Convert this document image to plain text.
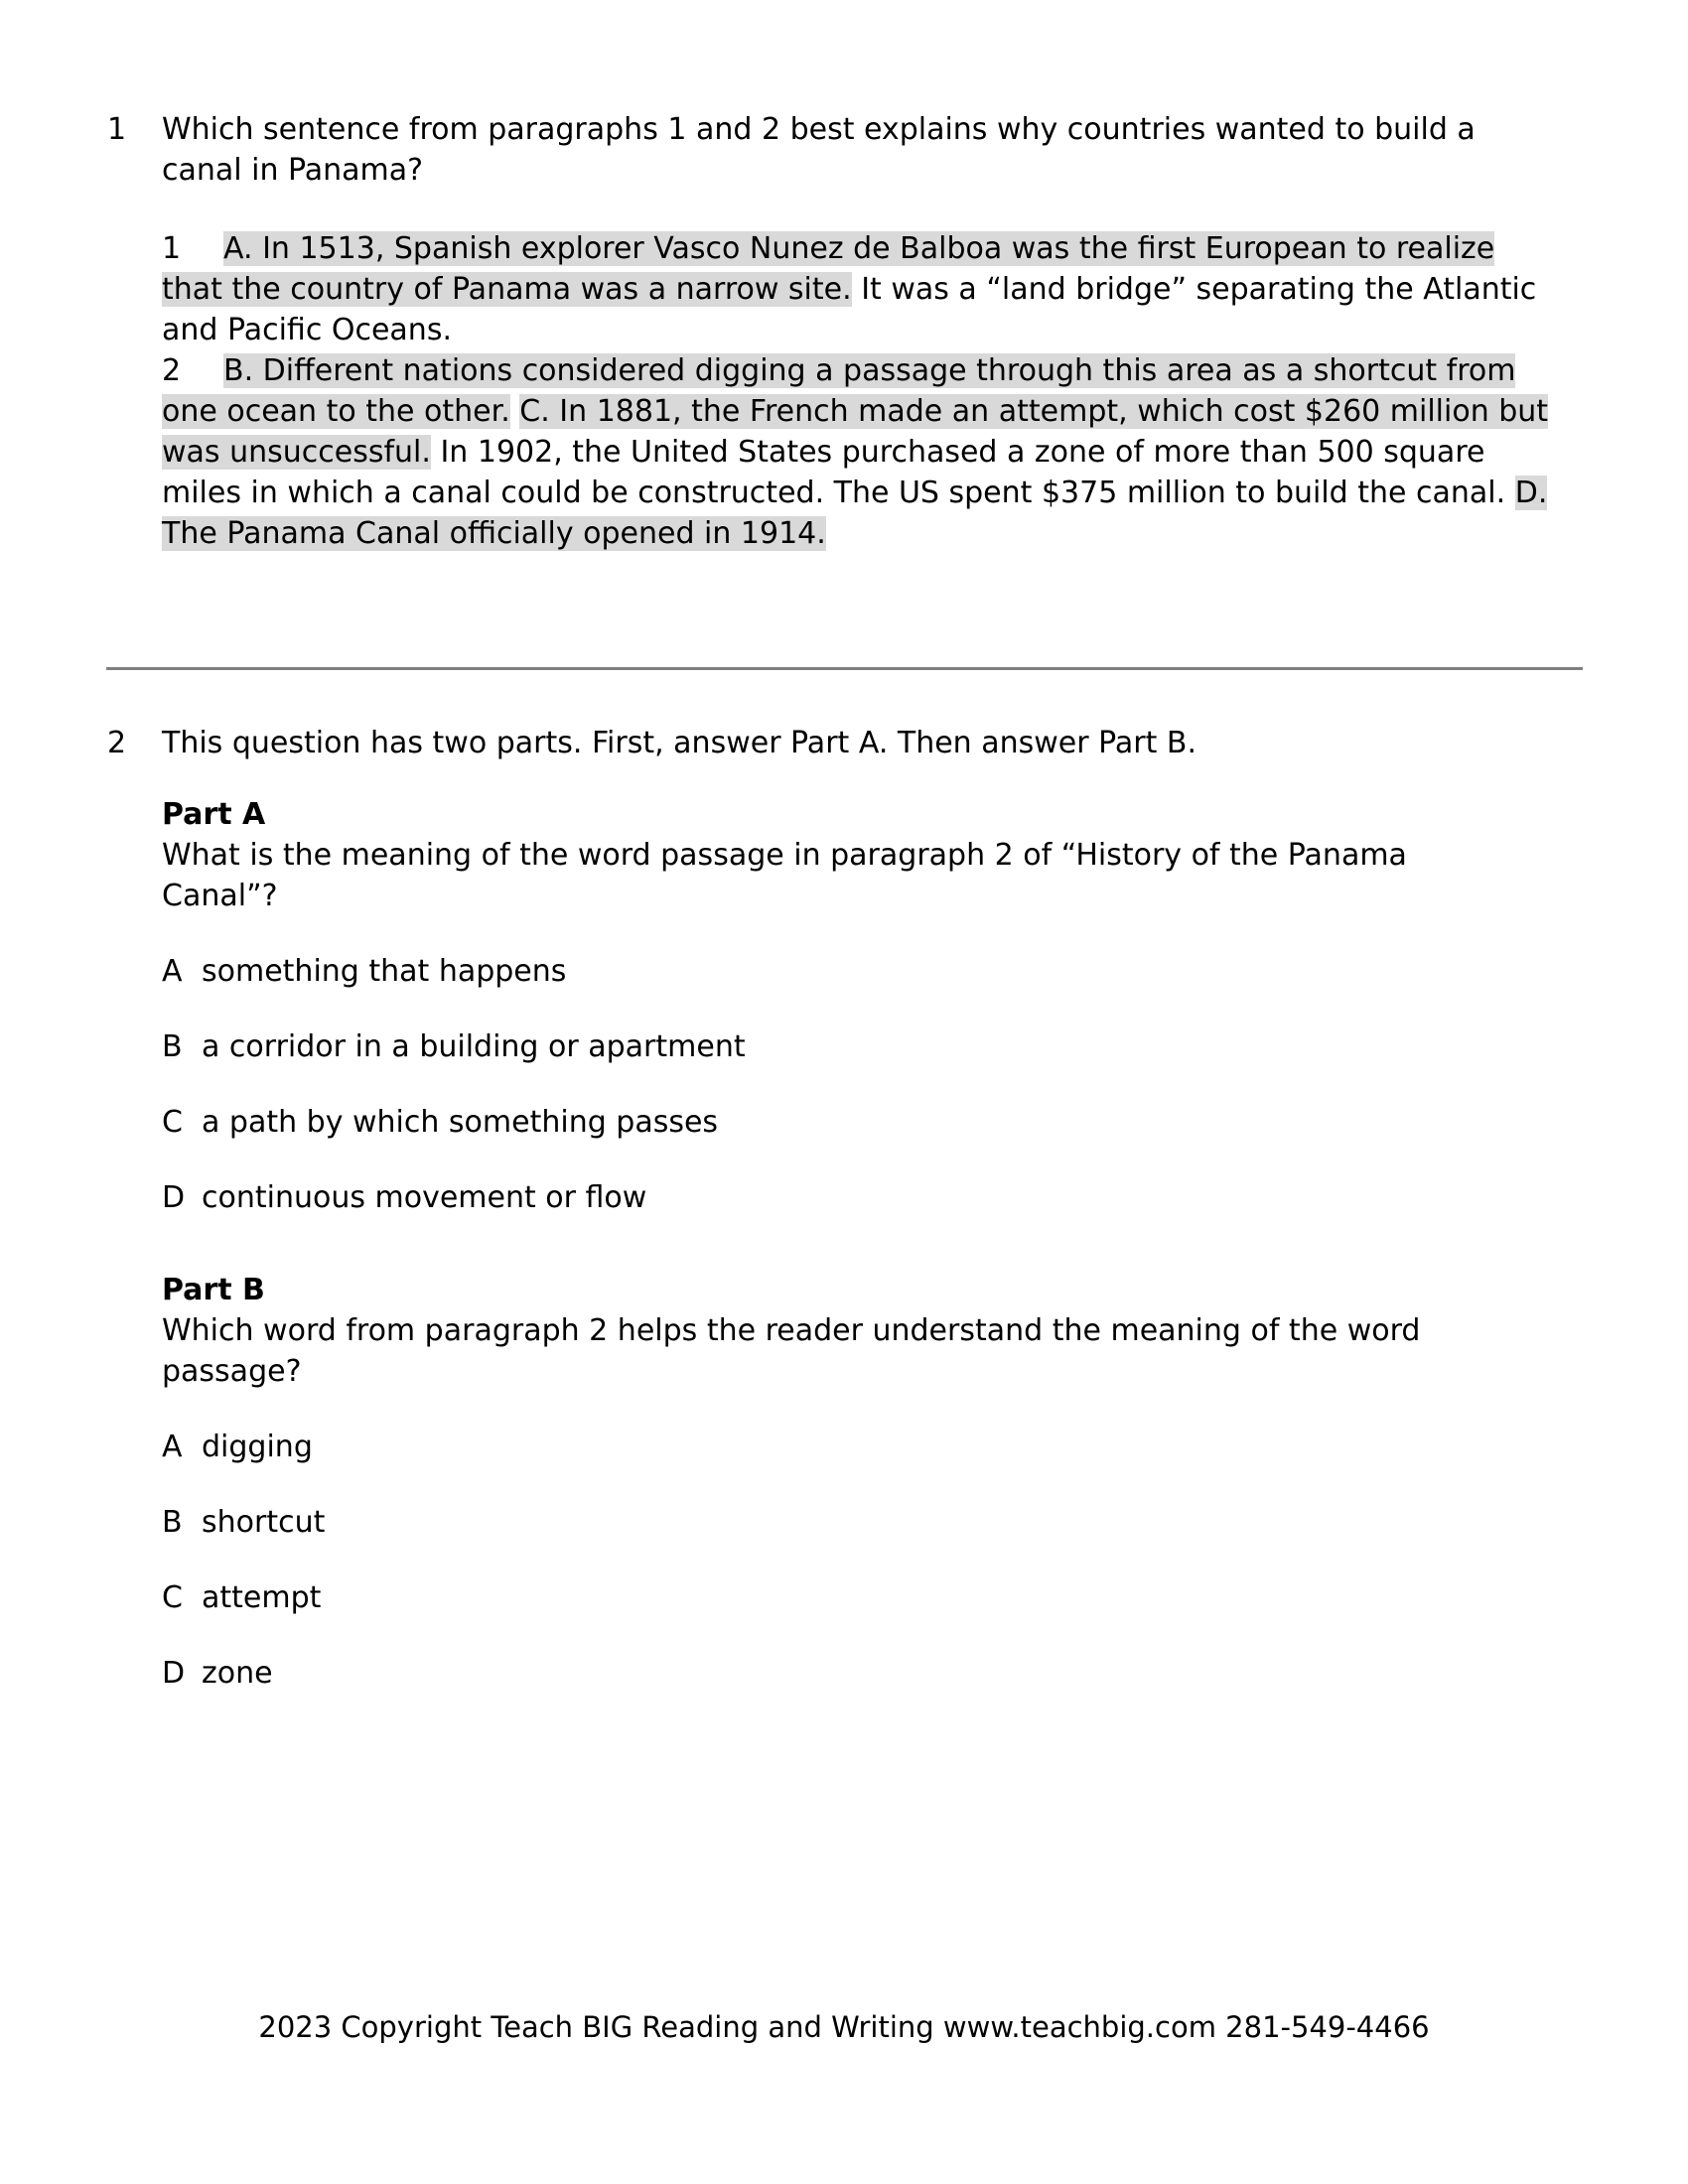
1	Which sentence from paragraphs 1 and 2 best explains why countries wanted to build a canal in Panama?

1 A. In 1513, Spanish explorer Vasco Nunez de Balboa was the first European to realize that the country of Panama was a narrow site. It was a “land bridge” separating the Atlantic and Pacific Oceans.

2 B. Different nations considered digging a passage through this area as a shortcut from one ocean to the other. C. In 1881, the French made an attempt, which cost $260 million but was unsuccessful. In 1902, the United States purchased a zone of more than 500 square miles in which a canal could be constructed. The US spent $375 million to build the canal. D. The Panama Canal officially opened in 1914.

2	This question has two parts. First, answer Part A. Then answer Part B.

Part A

What is the meaning of the word passage in paragraph 2 of “History of the Panama Canal”?

A something that happens
B a corridor in a building or apartment
C a path by which something passes
D continuous movement or flow

Part B

Which word from paragraph 2 helps the reader understand the meaning of the word passage?

A digging
B shortcut
C attempt
D zone
2023 Copyright Teach BIG Reading and Writing www.teachbig.com 281-549-4466
